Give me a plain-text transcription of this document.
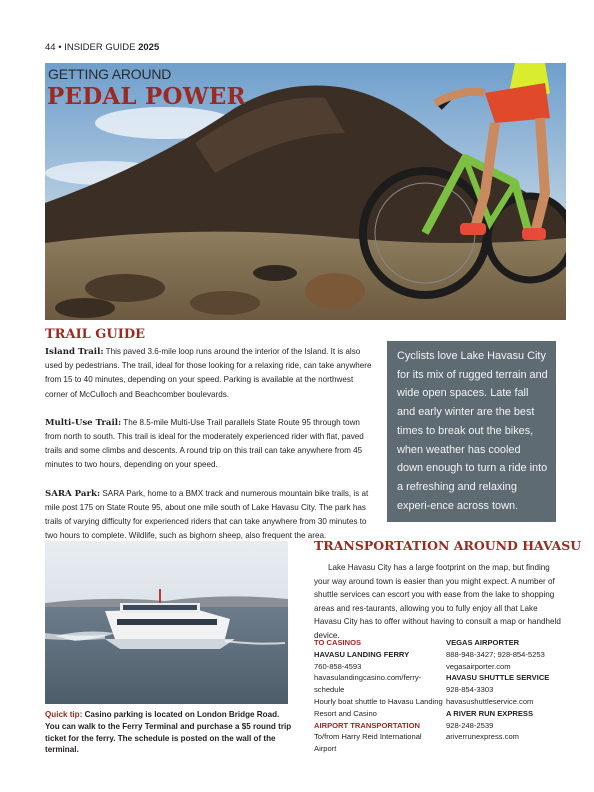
44 • INSIDER GUIDE 2025
GETTING AROUND
PEDAL POWER
TRAIL GUIDE

Island Trail: This paved 3.6-mile loop runs around the interior of the Island. It is also used by pedestrians. The trail, ideal for those looking for a relaxing ride, can take anywhere from 15 to 40 minutes, depending on your speed. Parking is available at the northwest corner of McCulloch and Beachcomber boulevards.

Multi-Use Trail: The 8.5-mile Multi-Use Trail parallels State Route 95 through town from north to south. This trail is ideal for the moderately experienced rider with flat, paved trails and some climbs and descents. A round trip on this trail can take anywhere from 45 minutes to two hours, depending on your speed.

SARA Park: SARA Park, home to a BMX track and numerous mountain bike trails, is at mile post 175 on State Route 95, about one mile south of Lake Havasu City. The park has trails of varying difficulty for experienced riders that can take anywhere from 30 minutes to two hours to complete. Wildlife, such as bighorn sheep, also frequent the area.

Cyclists love Lake Havasu City for its mix of rugged terrain and wide open spaces. Late fall and early winter are the best times to break out the bikes, when weather has cooled down enough to turn a ride into a refreshing and relaxing experi-ence across town.
Quick tip: Casino parking is located on London Bridge Road. You can walk to the Ferry Terminal and purchase a $5 round trip ticket for the ferry. The schedule is posted on the wall of the terminal.
TRANSPORTATION AROUND HAVASU
Lake Havasu City has a large footprint on the map, but finding your way around town is easier than you might expect. A number of shuttle services can escort you with ease from the lake to shopping areas and res-taurants, allowing you to fully enjoy all that Lake Havasu City has to offer without having to consult a map or handheld device.
TO CASINOS
HAVASU LANDING FERRY
760-858-4593
havasulandingcasino.com/ferry-
schedule
Hourly boat shuttle to Havasu Landing
Resort and Casino
AIRPORT TRANSPORTATION
To/from Harry Reid International Airport
VEGAS AIRPORTER
888-948-3427; 928-854-5253
vegasairporter.com
HAVASU SHUTTLE SERVICE
928-854-3303
havasushuttleservice.com
A RIVER RUN EXPRESS
928-248-2539
ariverrunexpress.com
